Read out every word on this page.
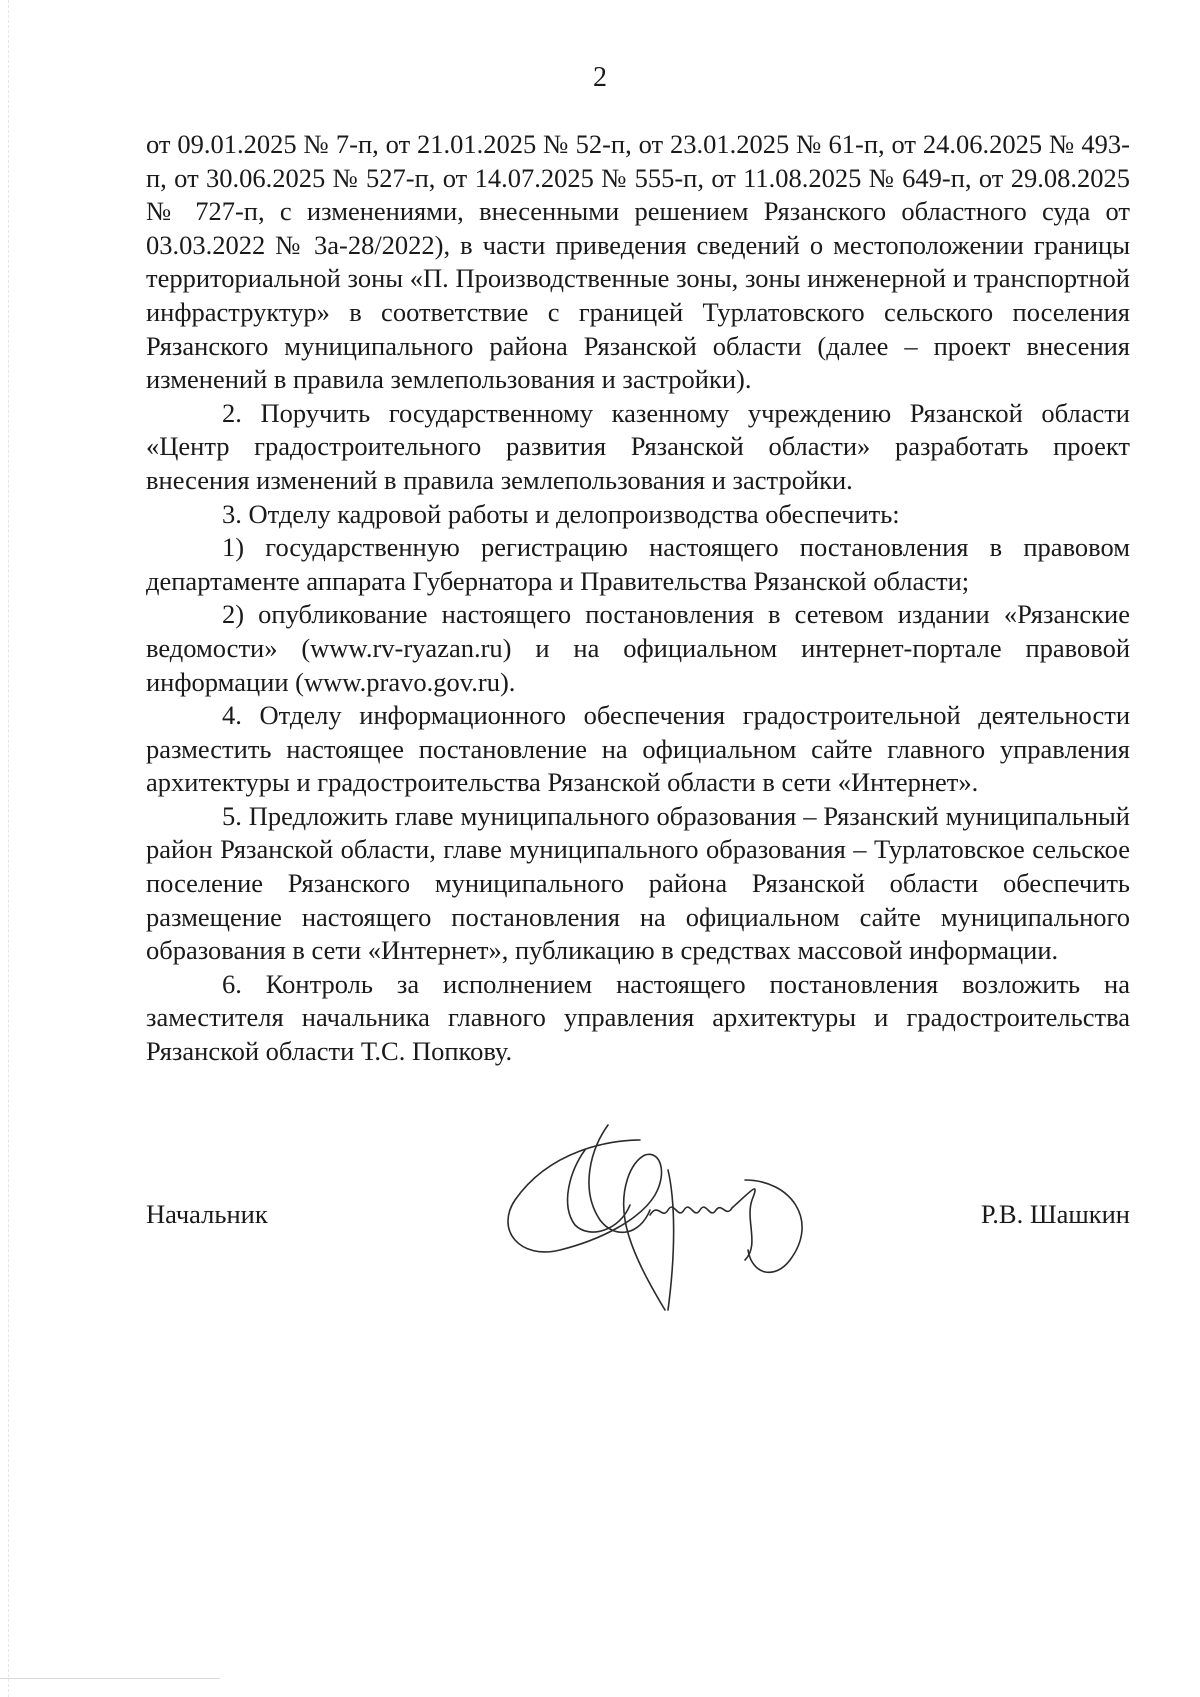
2

от 09.01.2025 № 7-п, от 21.01.2025 № 52-п, от 23.01.2025 № 61-п, от 24.06.2025 № 493-п, от 30.06.2025 № 527-п, от 14.07.2025 № 555-п, от 11.08.2025 № 649-п, от 29.08.2025 № 727-п, с изменениями, внесенными решением Рязанского областного суда от 03.03.2022 № 3а-28/2022), в части приведения сведений о местоположении границы территориальной зоны «П. Производственные зоны, зоны инженерной и транспортной инфраструктур» в соответствие с границей Турлатовского сельского поселения Рязанского муниципального района Рязанской области (далее – проект внесения изменений в правила землепользования и застройки).

2. Поручить государственному казенному учреждению Рязанской области «Центр градостроительного развития Рязанской области» разработать проект внесения изменений в правила землепользования и застройки.

3. Отделу кадровой работы и делопроизводства обеспечить:

1) государственную регистрацию настоящего постановления в правовом департаменте аппарата Губернатора и Правительства Рязанской области;

2) опубликование настоящего постановления в сетевом издании «Рязанские ведомости» (www.rv-ryazan.ru) и на официальном интернет-портале правовой информации (www.pravo.gov.ru).

4. Отделу информационного обеспечения градостроительной деятельности разместить настоящее постановление на официальном сайте главного управления архитектуры и градостроительства Рязанской области в сети «Интернет».

5. Предложить главе муниципального образования – Рязанский муниципальный район Рязанской области, главе муниципального образования – Турлатовское сельское поселение Рязанского муниципального района Рязанской области обеспечить размещение настоящего постановления на официальном сайте муниципального образования в сети «Интернет», публикацию в средствах массовой информации.

6. Контроль за исполнением настоящего постановления возложить на заместителя начальника главного управления архитектуры и градостроительства Рязанской области Т.С. Попкову.

Начальник	Р.В. Шашкин
